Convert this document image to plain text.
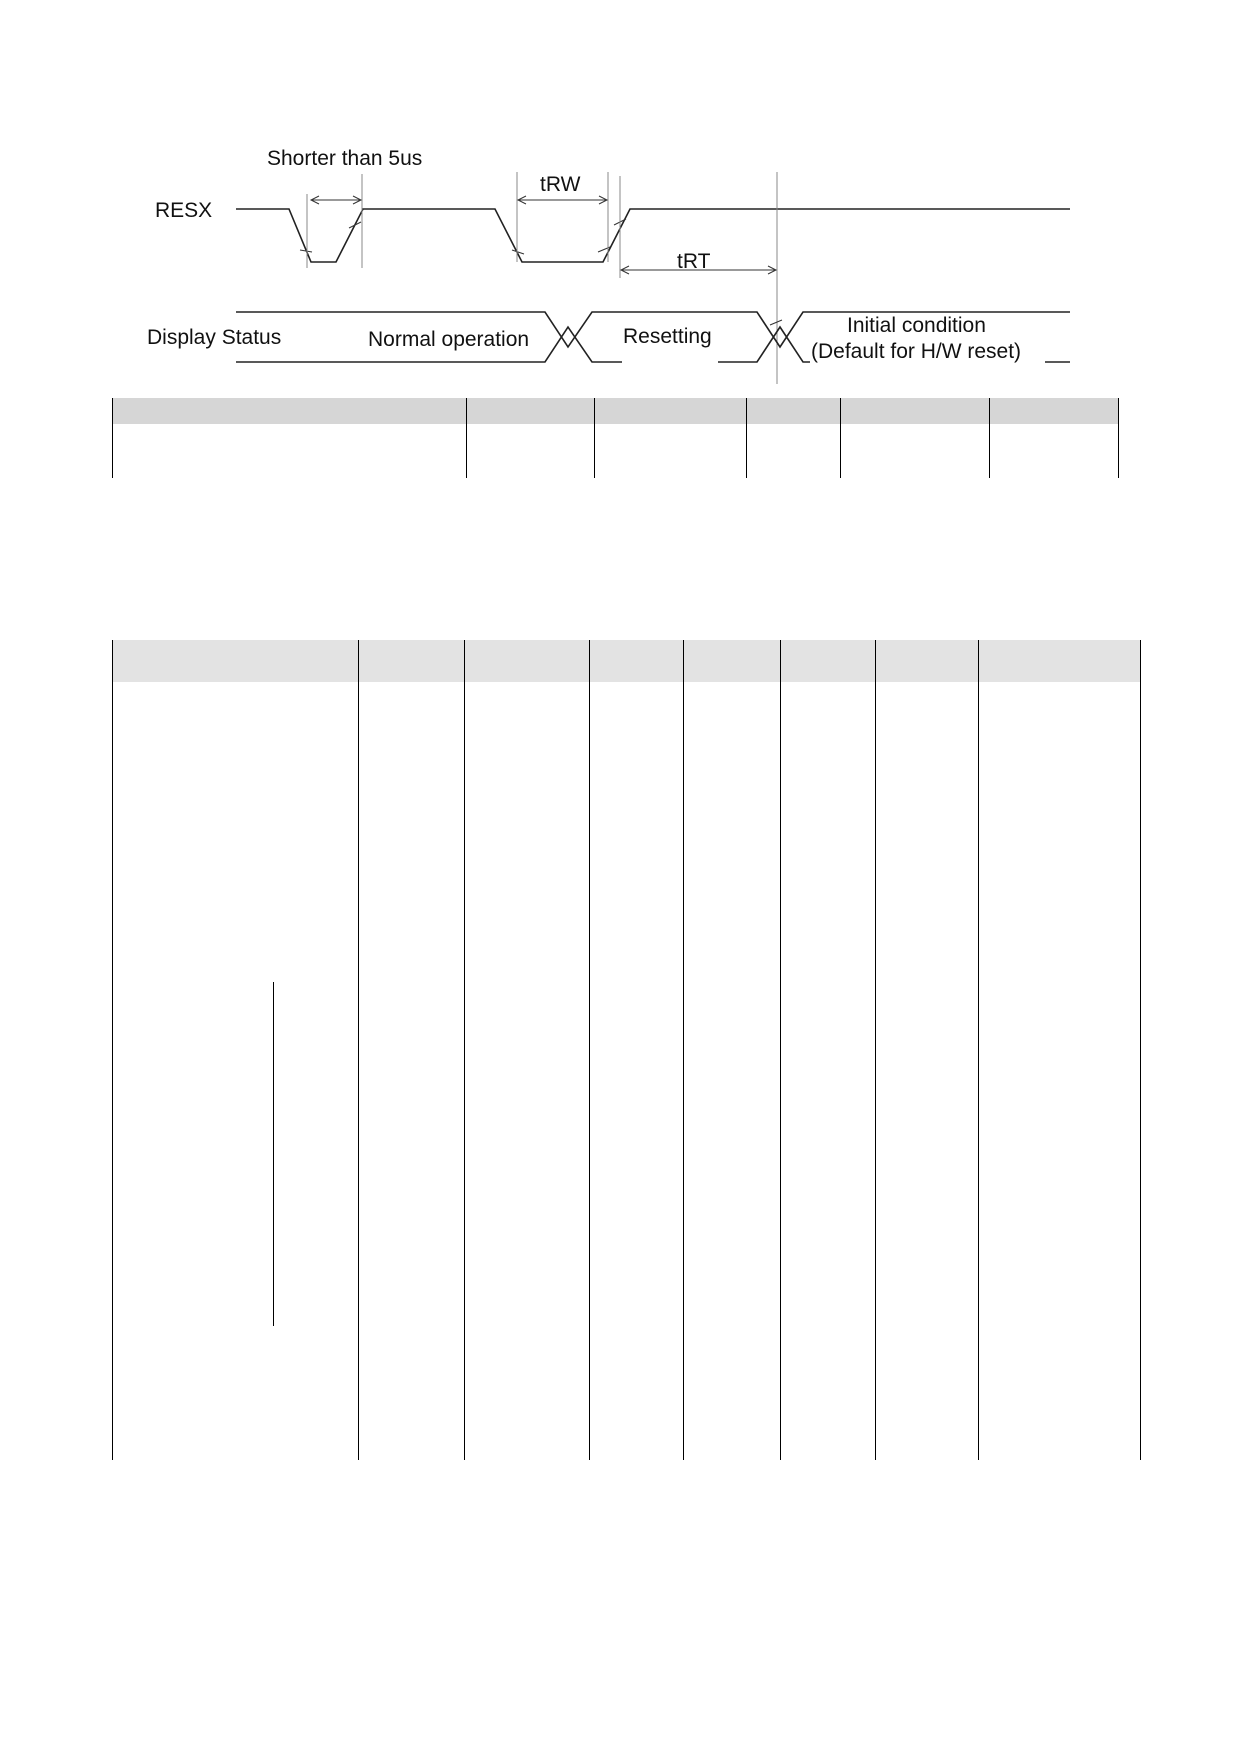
RESX
Shorter than 5us
tRW
tRT
Display Status	Normal operation	Resetting	Initial condition
(Default for H/W reset)
